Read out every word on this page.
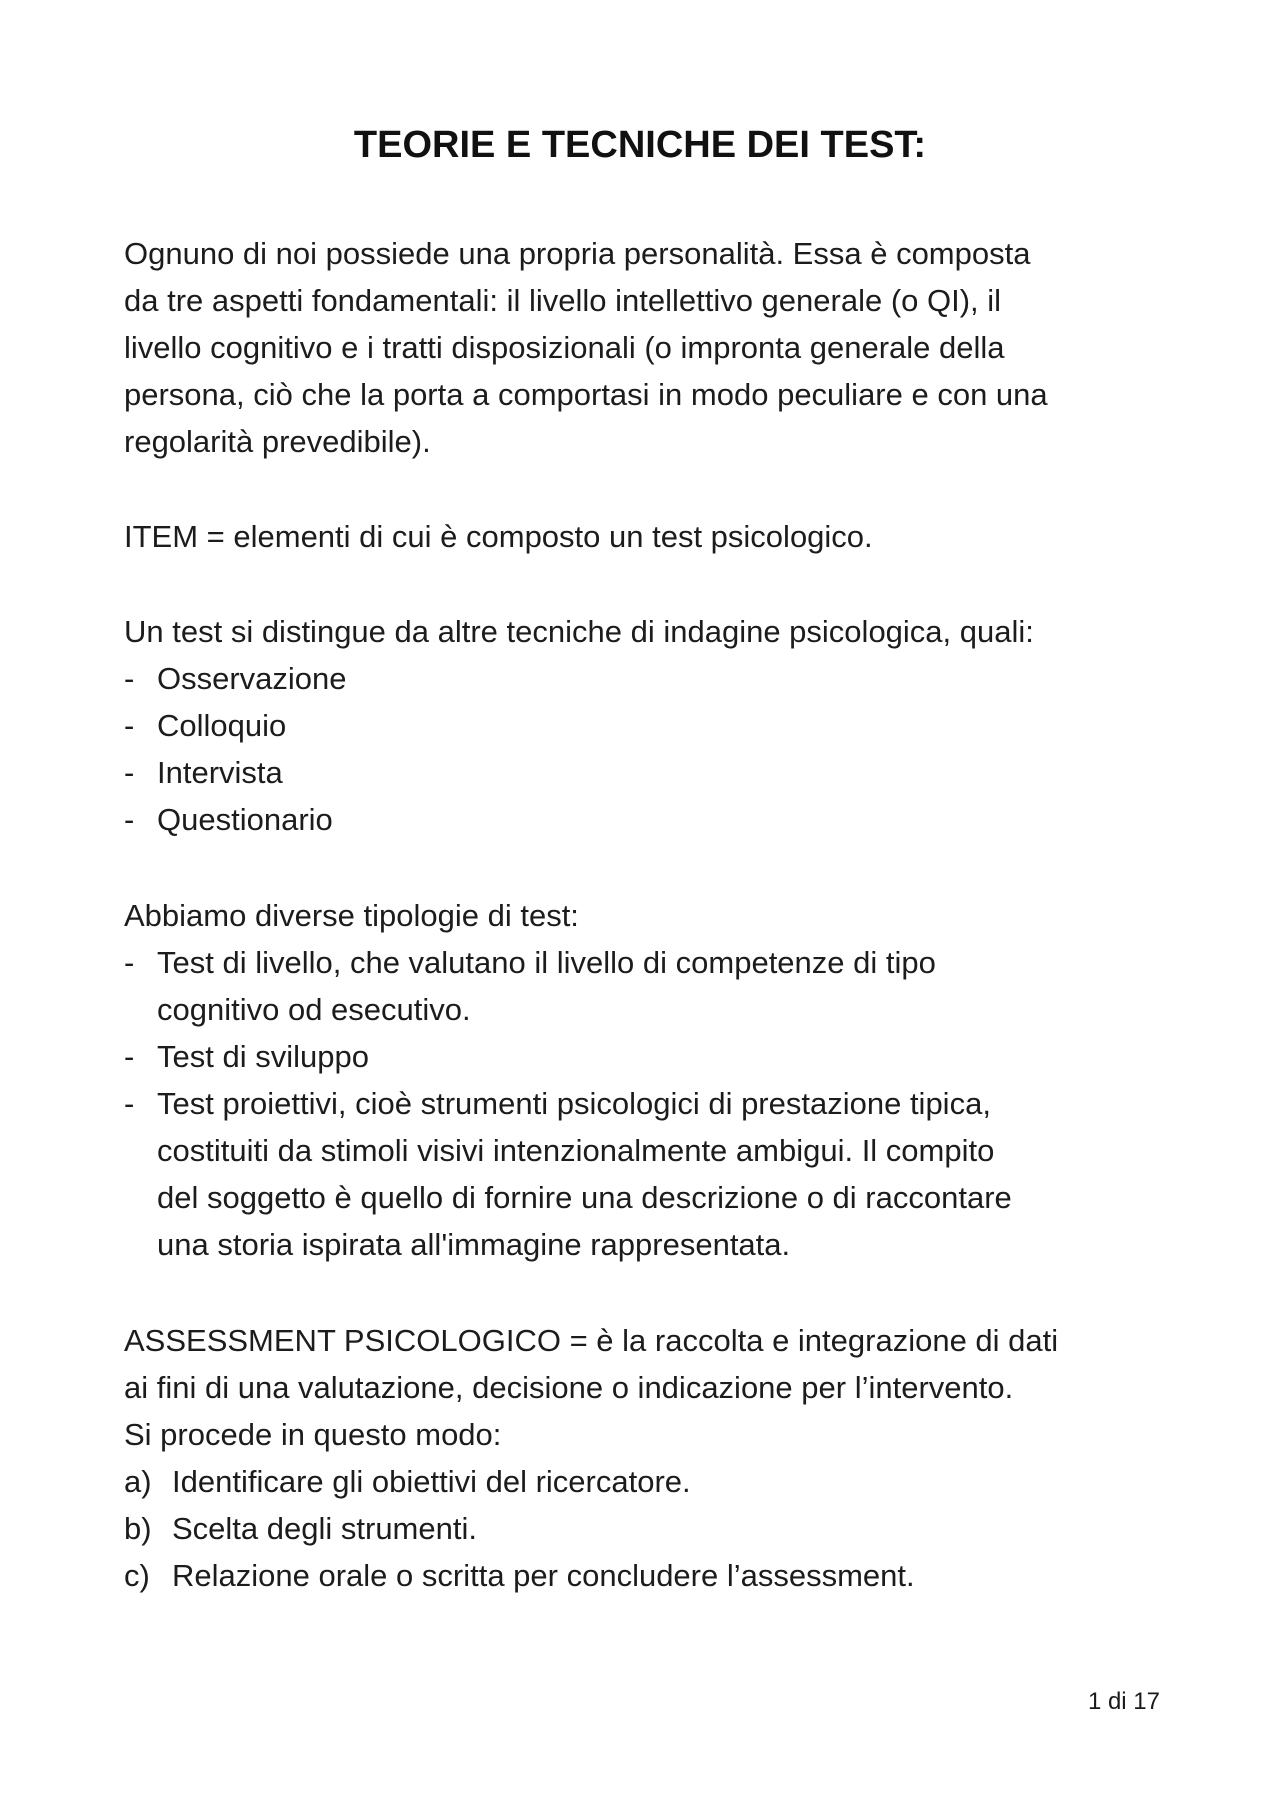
TEORIE E TECNICHE DEI TEST:
Ognuno di noi possiede una propria personalità. Essa è composta
da tre aspetti fondamentali: il livello intellettivo generale (o QI), il
livello cognitivo e i tratti disposizionali (o impronta generale della
persona, ciò che la porta a comportasi in modo peculiare e con una
regolarità prevedibile).
ITEM = elementi di cui è composto un test psicologico.
Un test si distingue da altre tecniche di indagine psicologica, quali:
- Osservazione
- Colloquio
- Intervista
- Questionario
Abbiamo diverse tipologie di test:
- Test di livello, che valutano il livello di competenze di tipo
cognitivo od esecutivo.
- Test di sviluppo
- Test proiettivi, cioè strumenti psicologici di prestazione tipica,
costituiti da stimoli visivi intenzionalmente ambigui. Il compito
del soggetto è quello di fornire una descrizione o di raccontare
una storia ispirata all'immagine rappresentata.
ASSESSMENT PSICOLOGICO = è la raccolta e integrazione di dati
ai fini di una valutazione, decisione o indicazione per l’intervento.
Si procede in questo modo:
a) Identificare gli obiettivi del ricercatore.
b) Scelta degli strumenti.
c) Relazione orale o scritta per concludere l’assessment.
1 di 17
